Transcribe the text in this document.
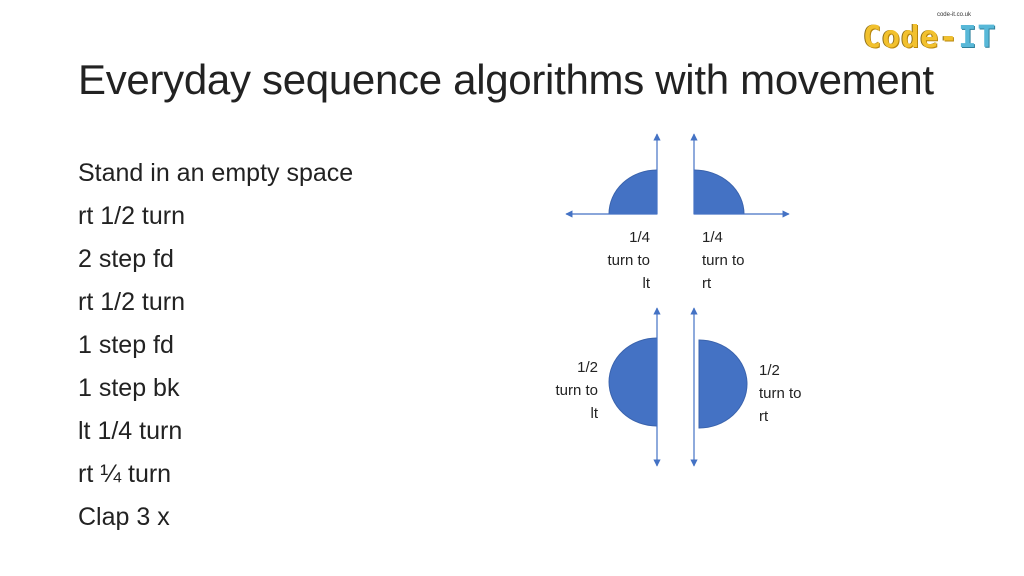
Everyday sequence algorithms with movement
Stand in an empty space
rt 1/2 turn
2 step fd
rt 1/2 turn
1 step fd
1 step bk
lt 1/4 turn
rt ¼ turn
Clap 3 x
code-it.co.uk
Code-IT
1/4
turn to
lt
1/4
turn to
rt
1/2
turn to
lt
1/2
turn to
rt
